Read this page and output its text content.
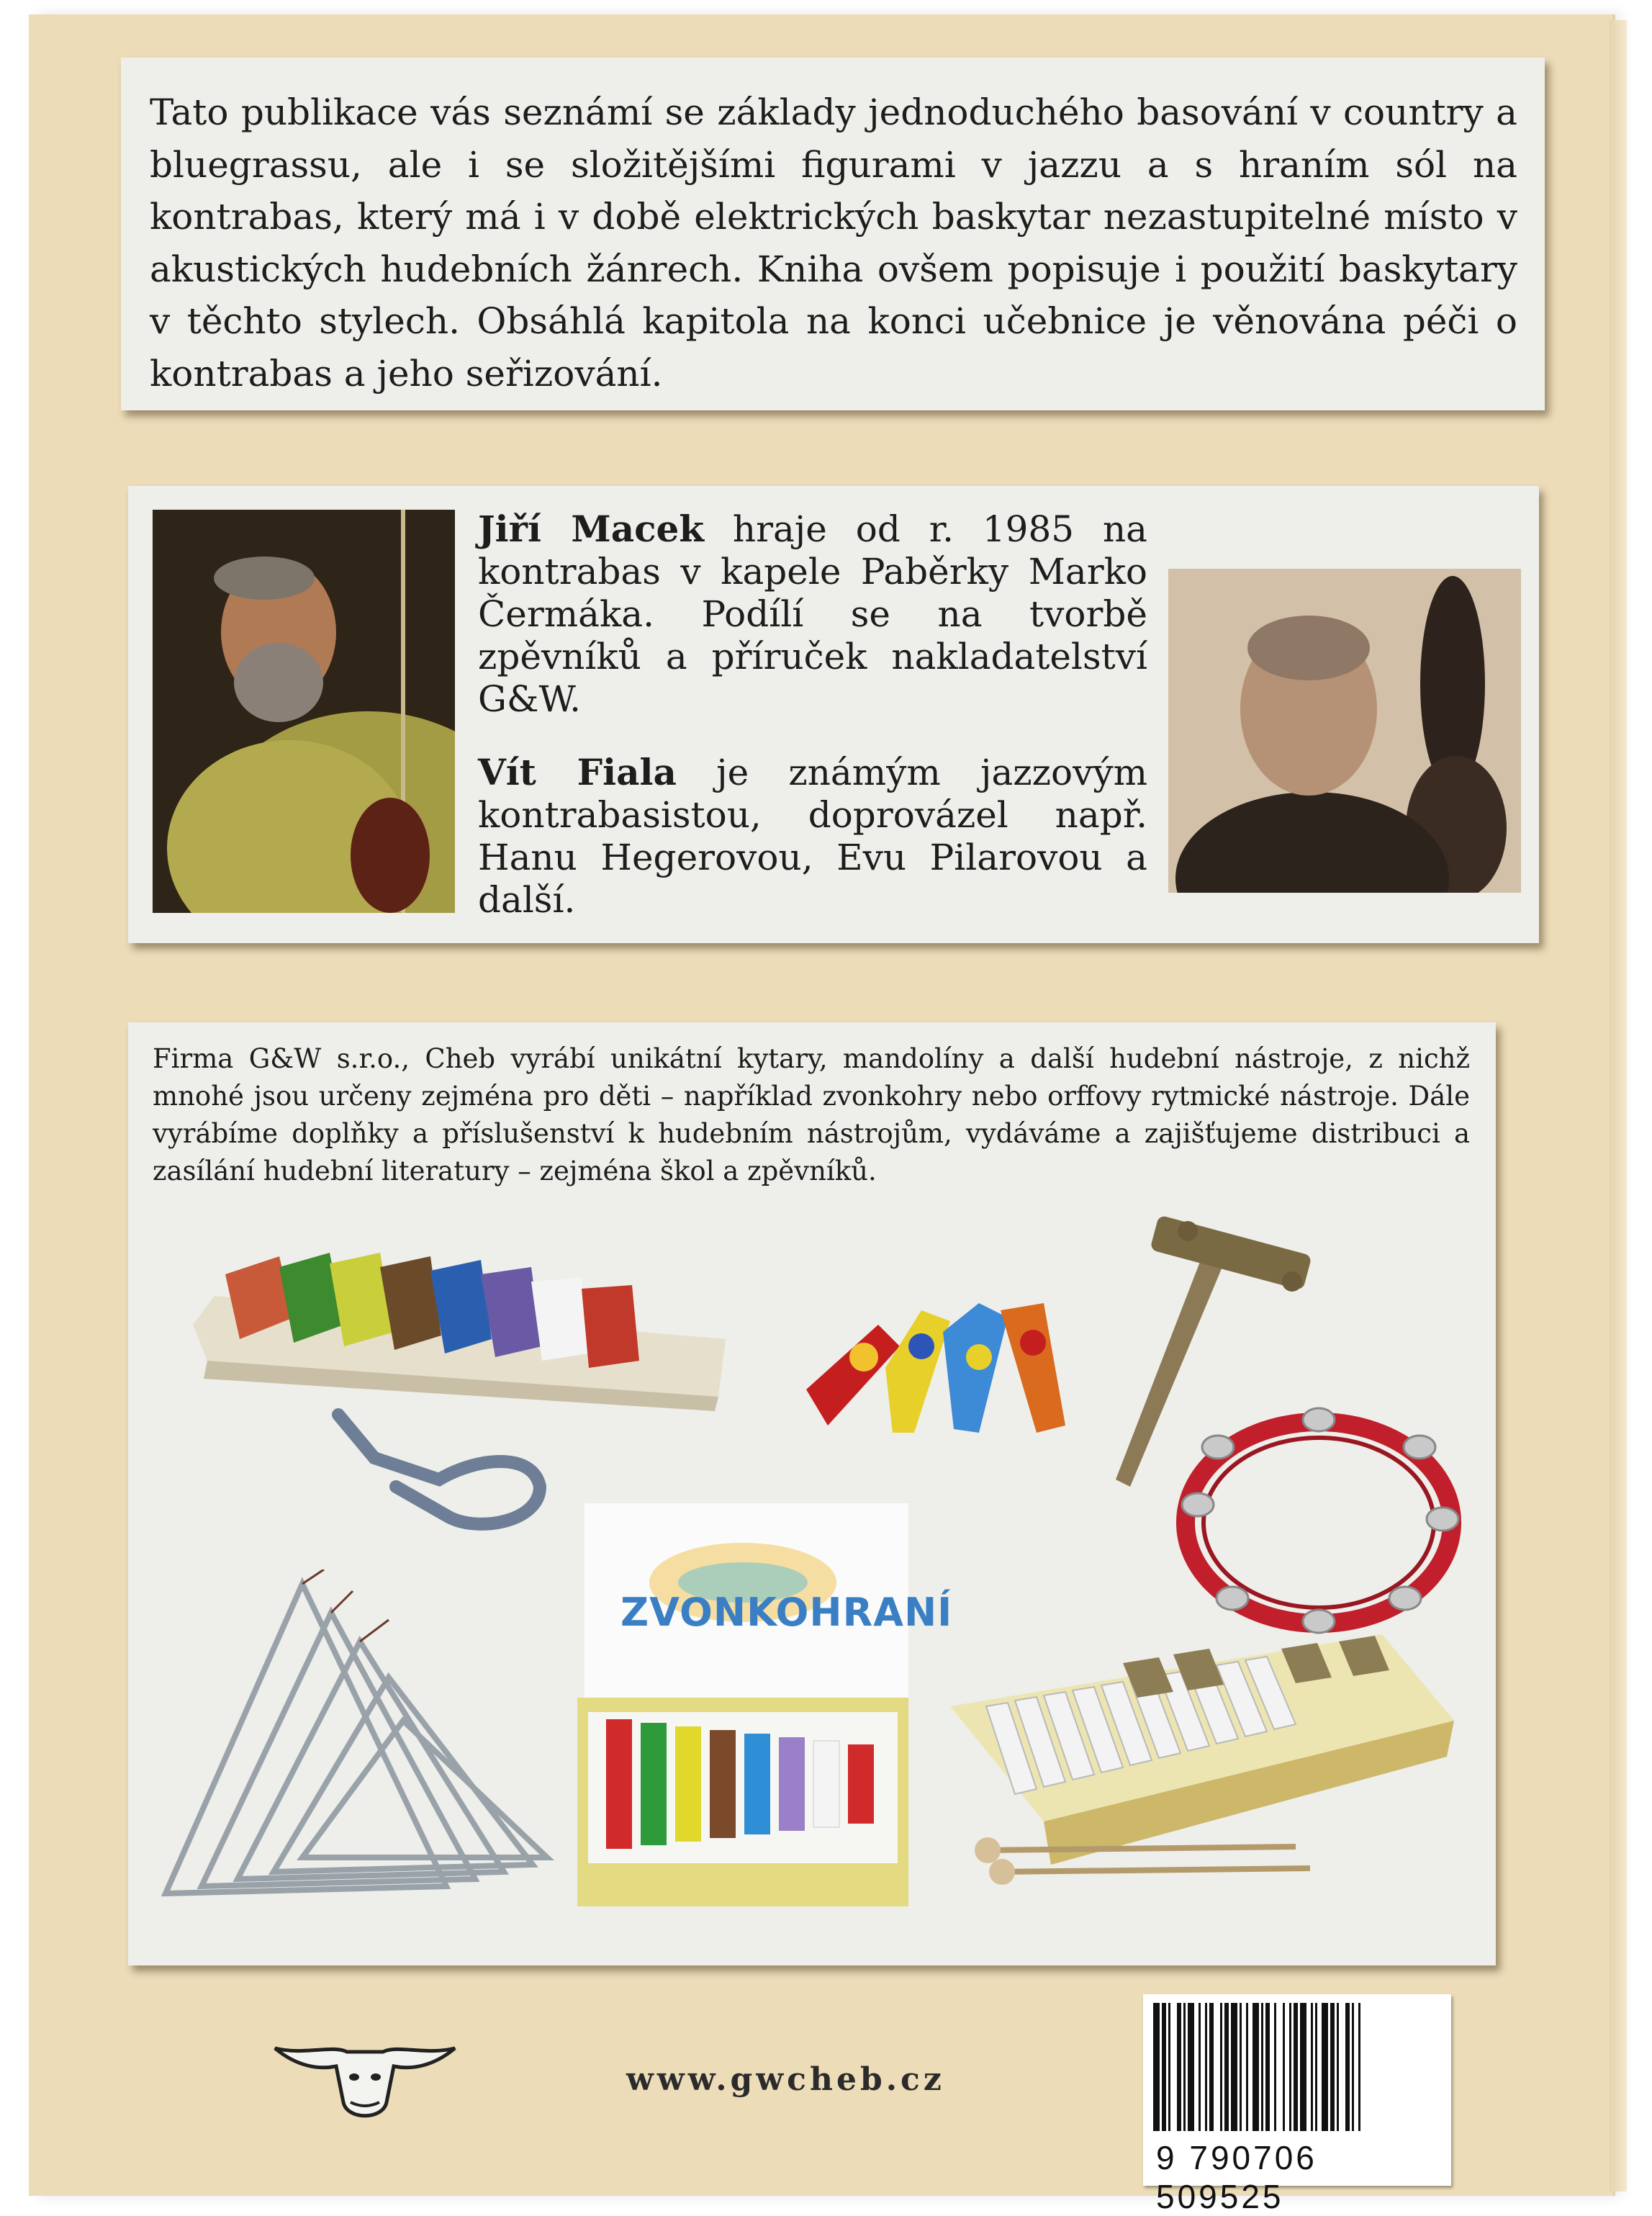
Tato publikace vás seznámí se základy jednoduchého basování v country a bluegrassu, ale i se složitějšími figurami v jazzu a s hraním sól na kontrabas, který má i v době elektrických baskytar nezastupitelné místo v akustických hudebních žánrech. Kniha ovšem popisuje i použití baskytary v těchto stylech. Obsáhlá kapitola na konci učebnice je věnována péči o kontrabas a jeho seřizování.

Jiří Macek hraje od r. 1985 na kontrabas v kapele Paběrky Marko Čermáka. Podílí se na tvorbě zpěvníků a příruček nakladatelství G&W.

Vít Fiala je známým jazzovým kontrabasistou, doprovázel např. Hanu Hegerovou, Evu Pilarovou a další.

Firma G&W s.r.o., Cheb vyrábí unikátní kytary, mandolíny a další hudební nástroje, z nichž mnohé jsou určeny zejména pro děti – například zvonkohry nebo orffovy rytmické nástroje. Dále vyrábíme doplňky a příslušenství k hudebním nástrojům, vydáváme a zajišťujeme distribuci a zasílání hudební literatury – zejména škol a zpěvníků.

ZVONKOHRANÍ
www.gwcheb.cz
9 790706 509525
